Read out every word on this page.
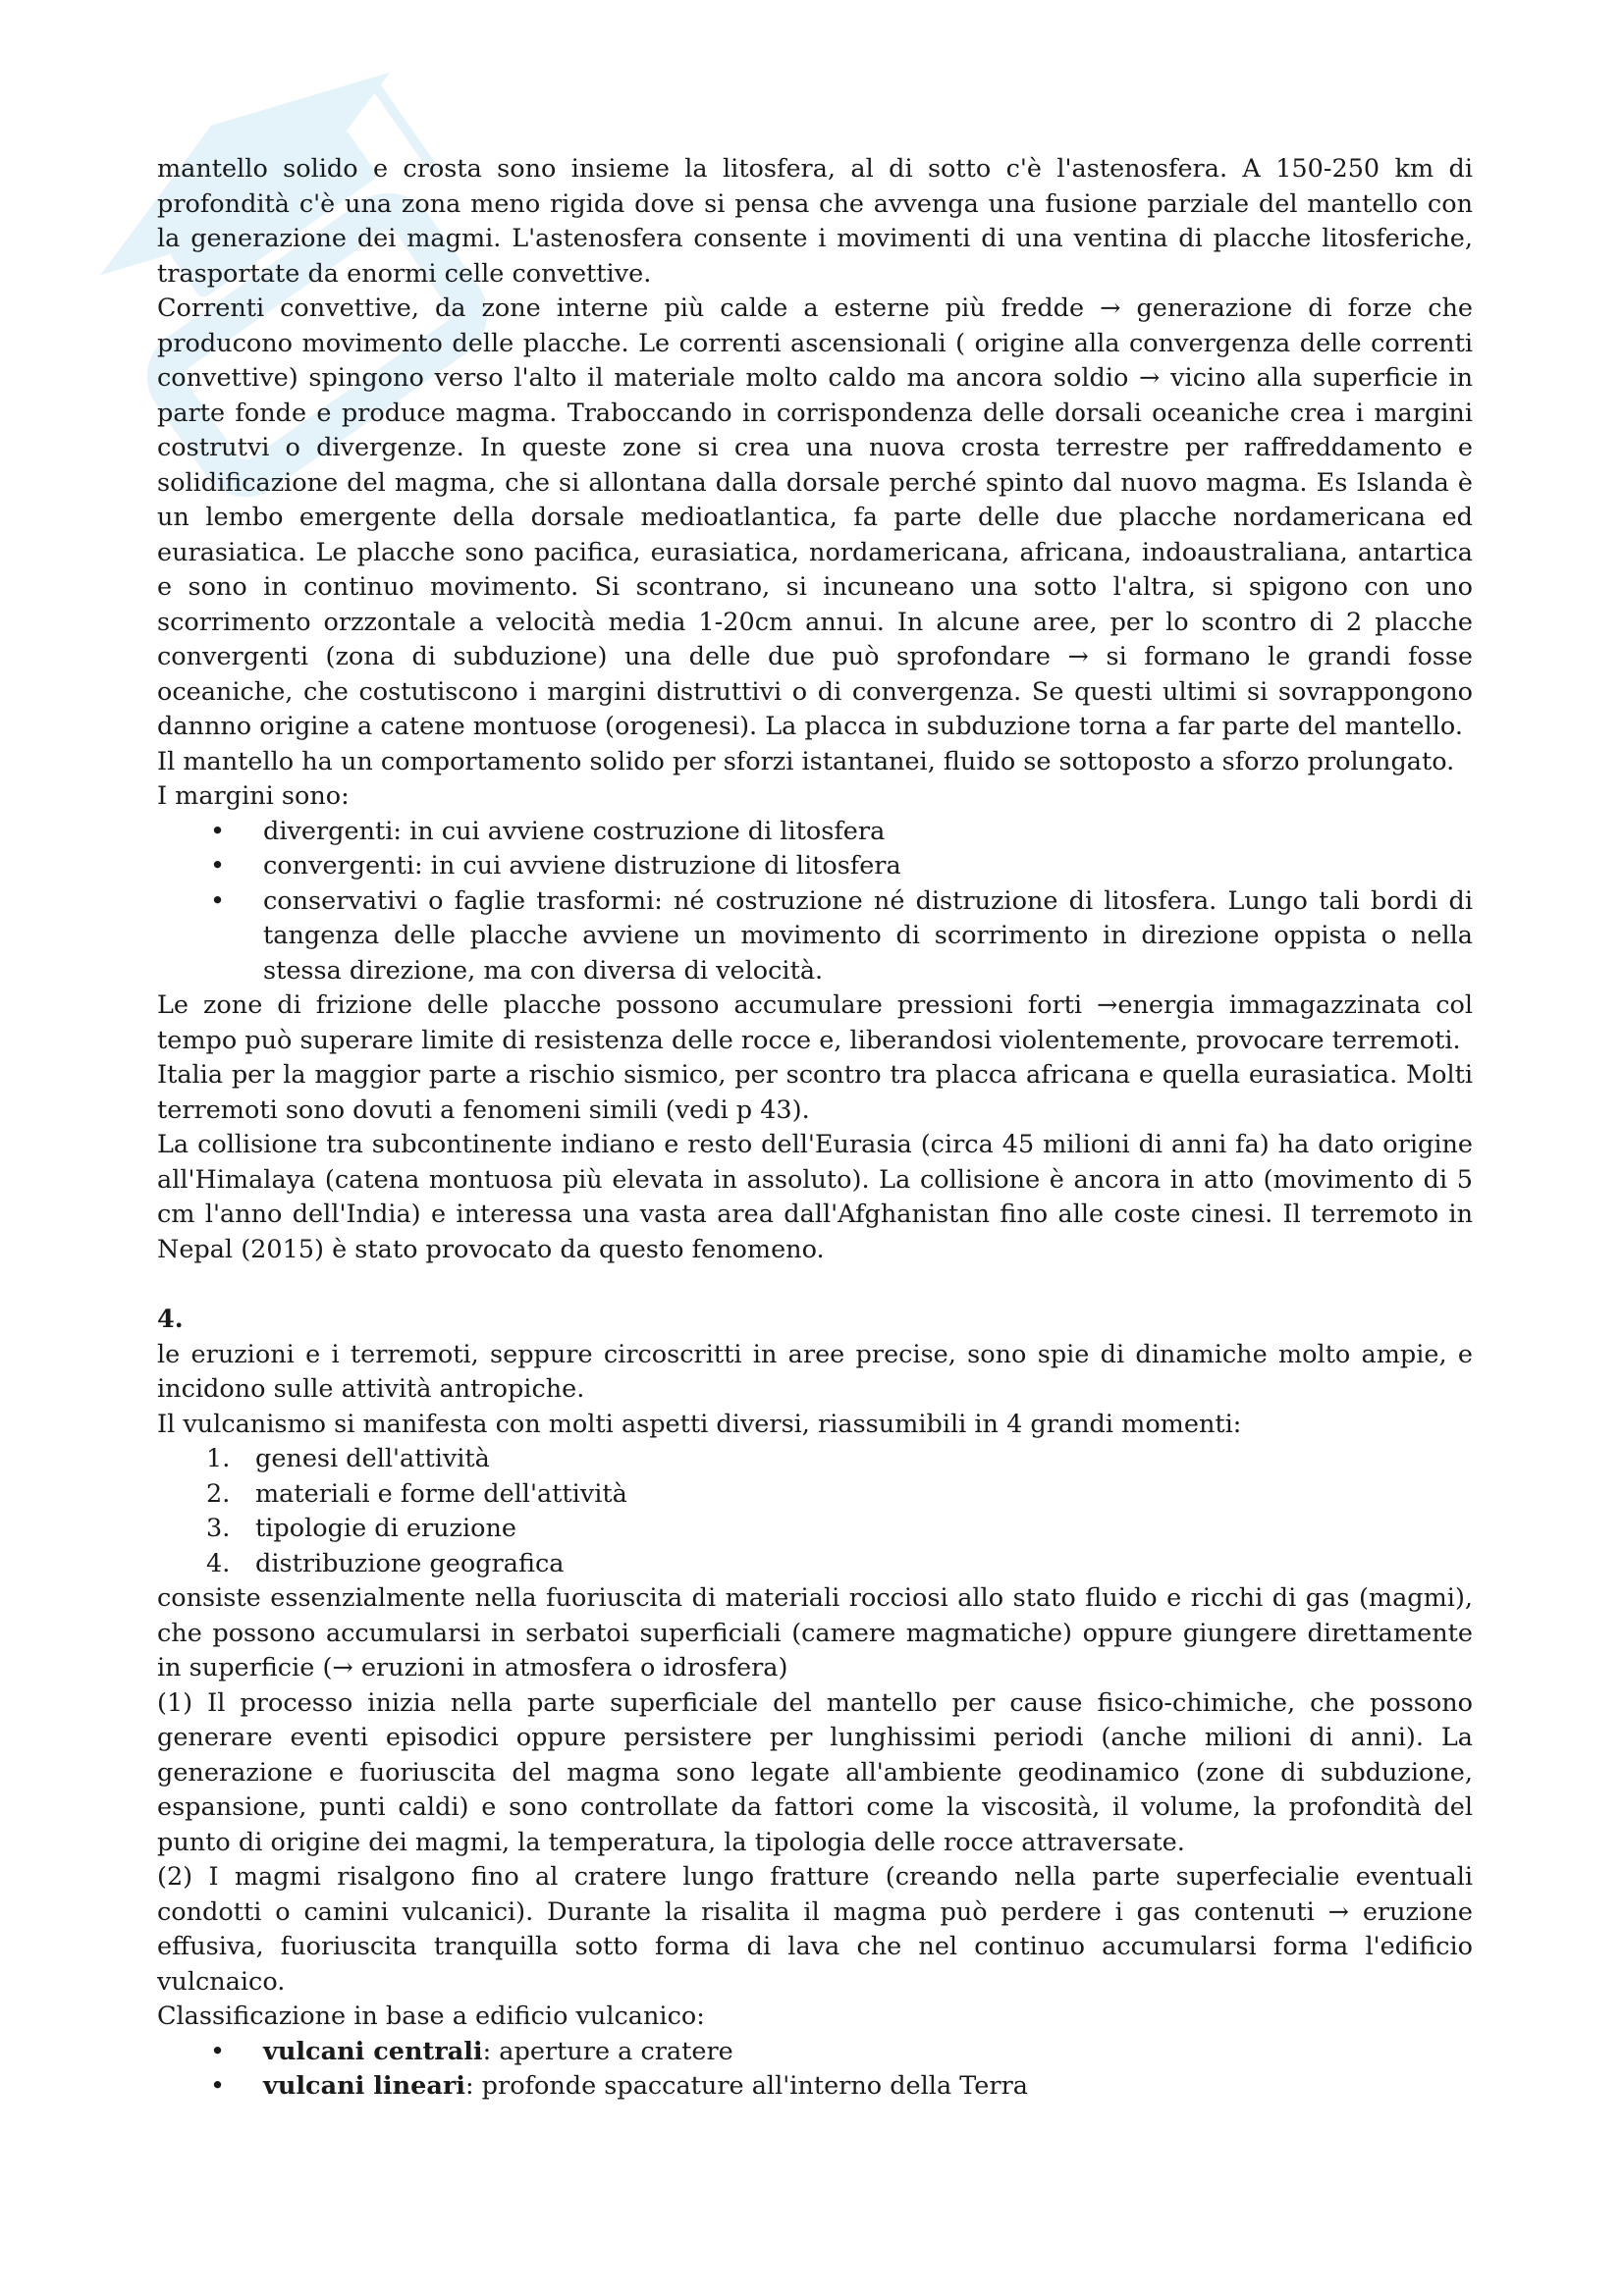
mantello solido e crosta sono insieme la litosfera, al di sotto c'è l'astenosfera. A 150-250 km di profondità c'è una zona meno rigida dove si pensa che avvenga una fusione parziale del mantello con la generazione dei magmi. L'astenosfera consente i movimenti di una ventina di placche litosferiche, trasportate da enormi celle convettive.

Correnti convettive, da zone interne più calde a esterne più fredde → generazione di forze che producono movimento delle placche. Le correnti ascensionali ( origine alla convergenza delle correnti convettive) spingono verso l'alto il materiale molto caldo ma ancora soldio → vicino alla superficie in parte fonde e produce magma. Traboccando in corrispondenza delle dorsali oceaniche crea i margini costrutvi o divergenze. In queste zone si crea una nuova crosta terrestre per raffreddamento e solidificazione del magma, che si allontana dalla dorsale perché spinto dal nuovo magma. Es Islanda è un lembo emergente della dorsale medioatlantica, fa parte delle due placche nordamericana ed eurasiatica. Le placche sono pacifica, eurasiatica, nordamericana, africana, indoaustraliana, antartica e sono in continuo movimento. Si scontrano, si incuneano una sotto l'altra, si spigono con uno scorrimento orzzontale a velocità media 1-20cm annui. In alcune aree, per lo scontro di 2 placche convergenti (zona di subduzione) una delle due può sprofondare → si formano le grandi fosse oceaniche, che costutiscono i margini distruttivi o di convergenza. Se questi ultimi si sovrappongono dannno origine a catene montuose (orogenesi). La placca in subduzione torna a far parte del mantello.

Il mantello ha un comportamento solido per sforzi istantanei, fluido se sottoposto a sforzo prolungato.

I margini sono:

• divergenti: in cui avviene costruzione di litosfera
• convergenti: in cui avviene distruzione di litosfera
• conservativi o faglie trasformi: né costruzione né distruzione di litosfera. Lungo tali bordi di tangenza delle placche avviene un movimento di scorrimento in direzione oppista o nella stessa direzione, ma con diversa di velocità.

Le zone di frizione delle placche possono accumulare pressioni forti →energia immagazzinata col tempo può superare limite di resistenza delle rocce e, liberandosi violentemente, provocare terremoti.

Italia per la maggior parte a rischio sismico, per scontro tra placca africana e quella eurasiatica. Molti terremoti sono dovuti a fenomeni simili (vedi p 43).

La collisione tra subcontinente indiano e resto dell'Eurasia (circa 45 milioni di anni fa) ha dato origine all'Himalaya (catena montuosa più elevata in assoluto). La collisione è ancora in atto (movimento di 5 cm l'anno dell'India) e interessa una vasta area dall'Afghanistan fino alle coste cinesi. Il terremoto in Nepal (2015) è stato provocato da questo fenomeno.

4.

le eruzioni e i terremoti, seppure circoscritti in aree precise, sono spie di dinamiche molto ampie, e incidono sulle attività antropiche.

Il vulcanismo si manifesta con molti aspetti diversi, riassumibili in 4 grandi momenti:

1. genesi dell'attività
2. materiali e forme dell'attività
3. tipologie di eruzione
4. distribuzione geografica

consiste essenzialmente nella fuoriuscita di materiali rocciosi allo stato fluido e ricchi di gas (magmi), che possono accumularsi in serbatoi superficiali (camere magmatiche) oppure giungere direttamente in superficie (→ eruzioni in atmosfera o idrosfera)

(1) Il processo inizia nella parte superficiale del mantello per cause fisico-chimiche, che possono generare eventi episodici oppure persistere per lunghissimi periodi (anche milioni di anni). La generazione e fuoriuscita del magma sono legate all'ambiente geodinamico (zone di subduzione, espansione, punti caldi) e sono controllate da fattori come la viscosità, il volume, la profondità del punto di origine dei magmi, la temperatura, la tipologia delle rocce attraversate.

(2) I magmi risalgono fino al cratere lungo fratture (creando nella parte superfecialie eventuali condotti o camini vulcanici). Durante la risalita il magma può perdere i gas contenuti → eruzione effusiva, fuoriuscita tranquilla sotto forma di lava che nel continuo accumularsi forma l'edificio vulcnaico.

Classificazione in base a edificio vulcanico:

• vulcani centrali: aperture a cratere
• vulcani lineari: profonde spaccature all'interno della Terra
